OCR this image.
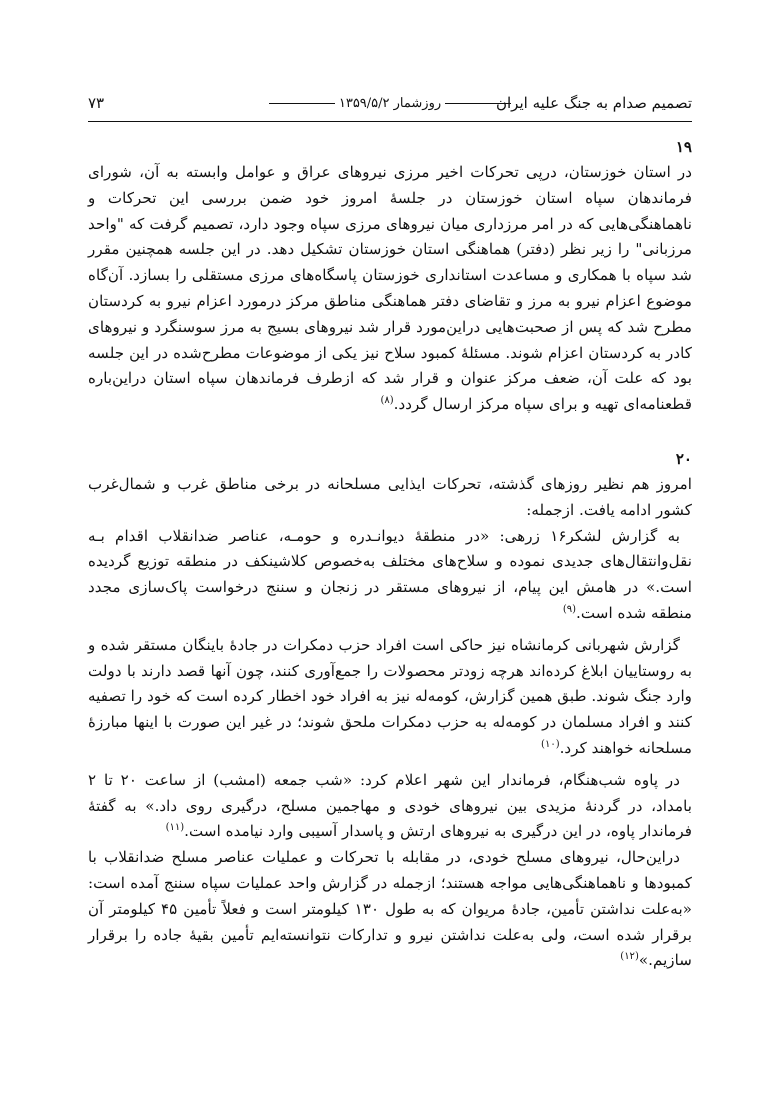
تصمیم صدام به جنگ علیه ایران
روزشمار ۱۳۵۹/۵/۲
۷۳

۱۹

در استان خوزستان، درپی تحرکات اخیر مرزی نیروهای عراق و عوامل وابسته به آن، شورای فرماندهان سپاه استان خوزستان در جلسهٔ امروز خود ضمن بررسی این تحرکات و ناهماهنگی‌هایی که در امر مرزداری میان نیروهای مرزی سپاه وجود دارد، تصمیم گرفت که "واحد مرزبانی" را زیر نظر (دفتر) هماهنگی استان خوزستان تشکیل دهد. در این جلسه همچنین مقرر شد سپاه با همکاری و مساعدت استانداری خوزستان پاسگاه‌های مرزی مستقلی را بسازد. آن‌گاه موضوع اعزام نیرو به مرز و تقاضای دفتر هماهنگی مناطق مرکز درمورد اعزام نیرو به کردستان مطرح شد که پس از صحبت‌هایی دراین‌مورد قرار شد نیروهای بسیج به مرز سوسنگرد و نیروهای کادر به کردستان اعزام شوند. مسئلهٔ کمبود سلاح نیز یکی از موضوعات مطرح‌شده در این جلسه بود که علت آن، ضعف مرکز عنوان و قرار شد که ازطرف فرماندهان سپاه استان دراین‌باره قطعنامه‌ای تهیه و برای سپاه مرکز ارسال گردد.$^{(۸)}$

۲۰

امروز هم نظیر روزهای گذشته، تحرکات ایذایی مسلحانه در برخی مناطق غرب و شمال‌غرب کشور ادامه یافت. ازجمله:

به گزارش لشکر۱۶ زرهی: «در منطقهٔ دیوانـدره و حومـه، عناصر ضدانقلاب اقدام بـه نقل‌وانتقال‌های جدیدی نموده و سلاح‌های مختلف به‌خصوص کلاشینکف در منطقه توزیع گردیده است.» در هامش این پیام، از نیروهای مستقر در زنجان و سننج درخواست پاک‌سازی مجدد منطقه شده است.$^{(۹)}$

گزارش شهربانی کرمانشاه نیز حاکی است افراد حزب دمکرات در جادهٔ باینگان مستقر شده و به روستاییان ابلاغ کرده‌اند هرچه زودتر محصولات را جمع‌آوری کنند، چون آنها قصد دارند با دولت وارد جنگ شوند. طبق همین گزارش، کومه‌له نیز به افراد خود اخطار کرده است که خود را تصفیه کنند و افراد مسلمان در کومه‌له به حزب دمکرات ملحق شوند؛ در غیر این صورت با اینها مبارزهٔ مسلحانه خواهند کرد.$^{(۱۰)}$

در پاوه شب‌هنگام، فرماندار این شهر اعلام کرد: «شب جمعه (امشب) از ساعت ۲۰ تا ۲ بامداد، در گردنهٔ مزیدی بین نیروهای خودی و مهاجمین مسلح، درگیری روی داد.» به گفتهٔ فرماندار پاوه، در این درگیری به نیروهای ارتش و پاسدار آسیبی وارد نیامده است.$^{(۱۱)}$

دراین‌حال، نیروهای مسلح خودی، در مقابله با تحرکات و عملیات عناصر مسلح ضدانقلاب با کمبودها و ناهماهنگی‌هایی مواجه هستند؛ ازجمله در گزارش واحد عملیات سپاه سننج آمده است: «به‌علت نداشتن تأمین، جادهٔ مریوان که به طول ۱۳۰ کیلومتر است و فعلاً تأمین ۴۵ کیلومتر آن برقرار شده است، ولی به‌علت نداشتن نیرو و تدارکات نتوانسته‌ایم تأمین بقیهٔ جاده را برقرار سازیم.»$^{(۱۲)}$
